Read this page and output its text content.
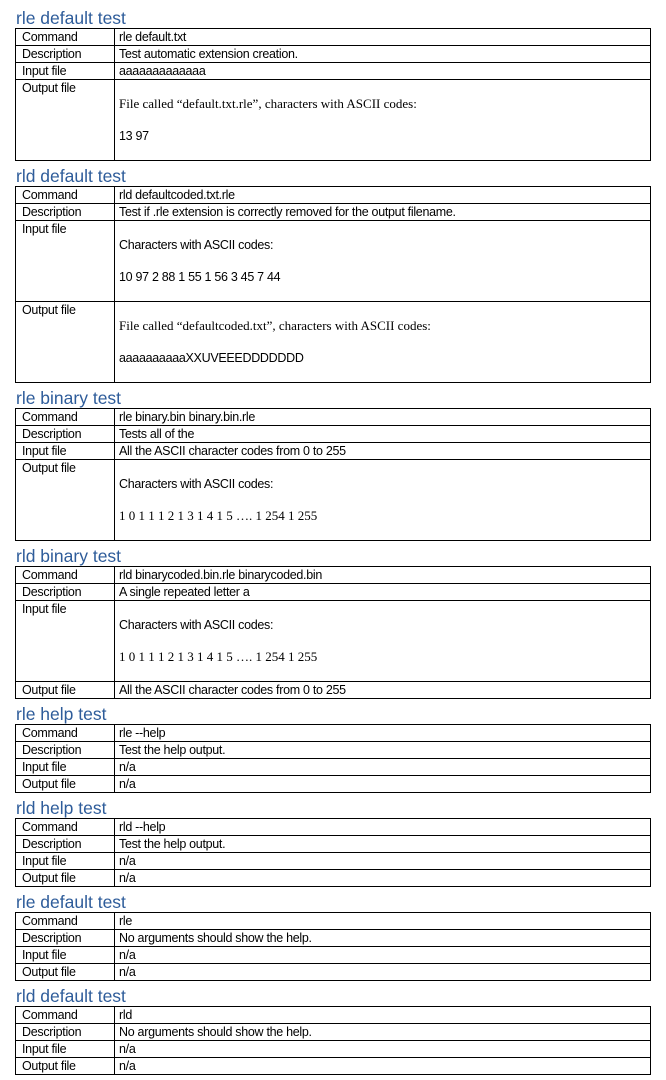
rle default test
Command	rle default.txt
Description	Test automatic extension creation.
Input file	aaaaaaaaaaaaa
Output file	File called “default.txt.rle”, characters with ASCII codes:

13 97

rld default test
Command	rld defaultcoded.txt.rle
Description	Test if .rle extension is correctly removed for the output filename.
Input file	Characters with ASCII codes:

10 97 2 88 1 55 1 56 3 45 7 44

Output file	File called “defaultcoded.txt”, characters with ASCII codes:

aaaaaaaaaaXXUVEEEDDDDDDD

rle binary test
Command	rle binary.bin binary.bin.rle
Description	Tests all of the
Input file	All the ASCII character codes from 0 to 255
Output file	Characters with ASCII codes:

1 0 1 1 1 2 1 3 1 4 1 5 …. 1 254 1 255

rld binary test
Command	rld binarycoded.bin.rle binarycoded.bin
Description	A single repeated letter a
Input file	Characters with ASCII codes:

1 0 1 1 1 2 1 3 1 4 1 5 …. 1 254 1 255

Output file	All the ASCII character codes from 0 to 255
rle help test
Command	rle --help
Description	Test the help output.
Input file	n/a
Output file	n/a
rld help test
Command	rld --help
Description	Test the help output.
Input file	n/a
Output file	n/a
rle default test
Command	rle
Description	No arguments should show the help.
Input file	n/a
Output file	n/a
rld default test
Command	rld
Description	No arguments should show the help.
Input file	n/a
Output file	n/a
